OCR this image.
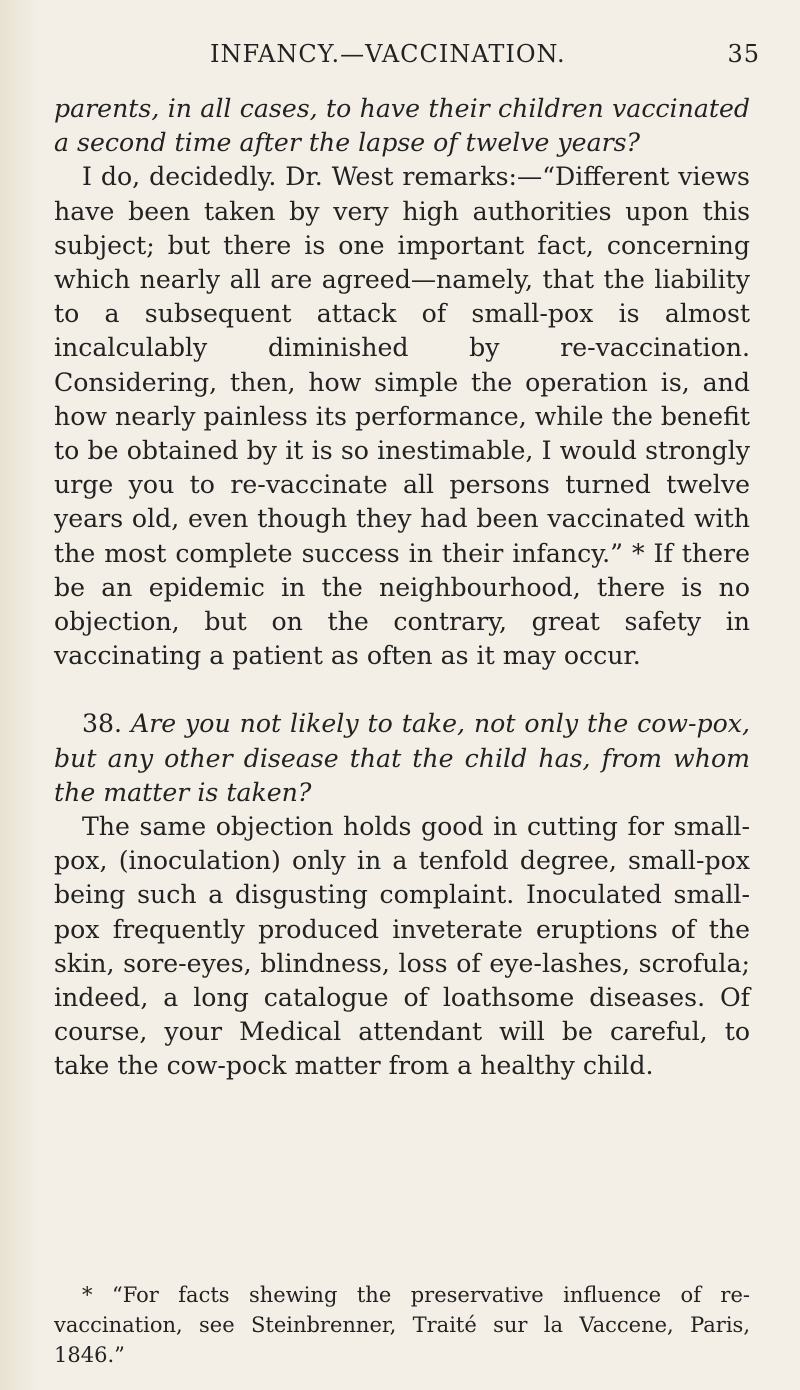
INFANCY.—VACCINATION.	35

parents, in all cases, to have their children vaccinated a second time after the lapse of twelve years?

I do, decidedly. Dr. West remarks:—“Different views have been taken by very high authorities upon this subject; but there is one important fact, concerning which nearly all are agreed—namely, that the liability to a subsequent attack of small-pox is almost incalculably diminished by re-vaccination. Considering, then, how simple the operation is, and how nearly painless its performance, while the benefit to be obtained by it is so inestimable, I would strongly urge you to re-vaccinate all persons turned twelve years old, even though they had been vaccinated with the most complete success in their infancy.” * If there be an epidemic in the neighbourhood, there is no objection, but on the contrary, great safety in vaccinating a patient as often as it may occur.

38. Are you not likely to take, not only the cow-pox, but any other disease that the child has, from whom the matter is taken?

The same objection holds good in cutting for small-pox, (inoculation) only in a tenfold degree, small-pox being such a disgusting complaint. Inoculated small-pox frequently produced inveterate eruptions of the skin, sore-eyes, blindness, loss of eye-lashes, scrofula; indeed, a long catalogue of loathsome diseases. Of course, your Medical attendant will be careful, to take the cow-pock matter from a healthy child.

* “For facts shewing the preservative influence of re-vaccination, see Steinbrenner, Traité sur la Vaccene, Paris, 1846.”
